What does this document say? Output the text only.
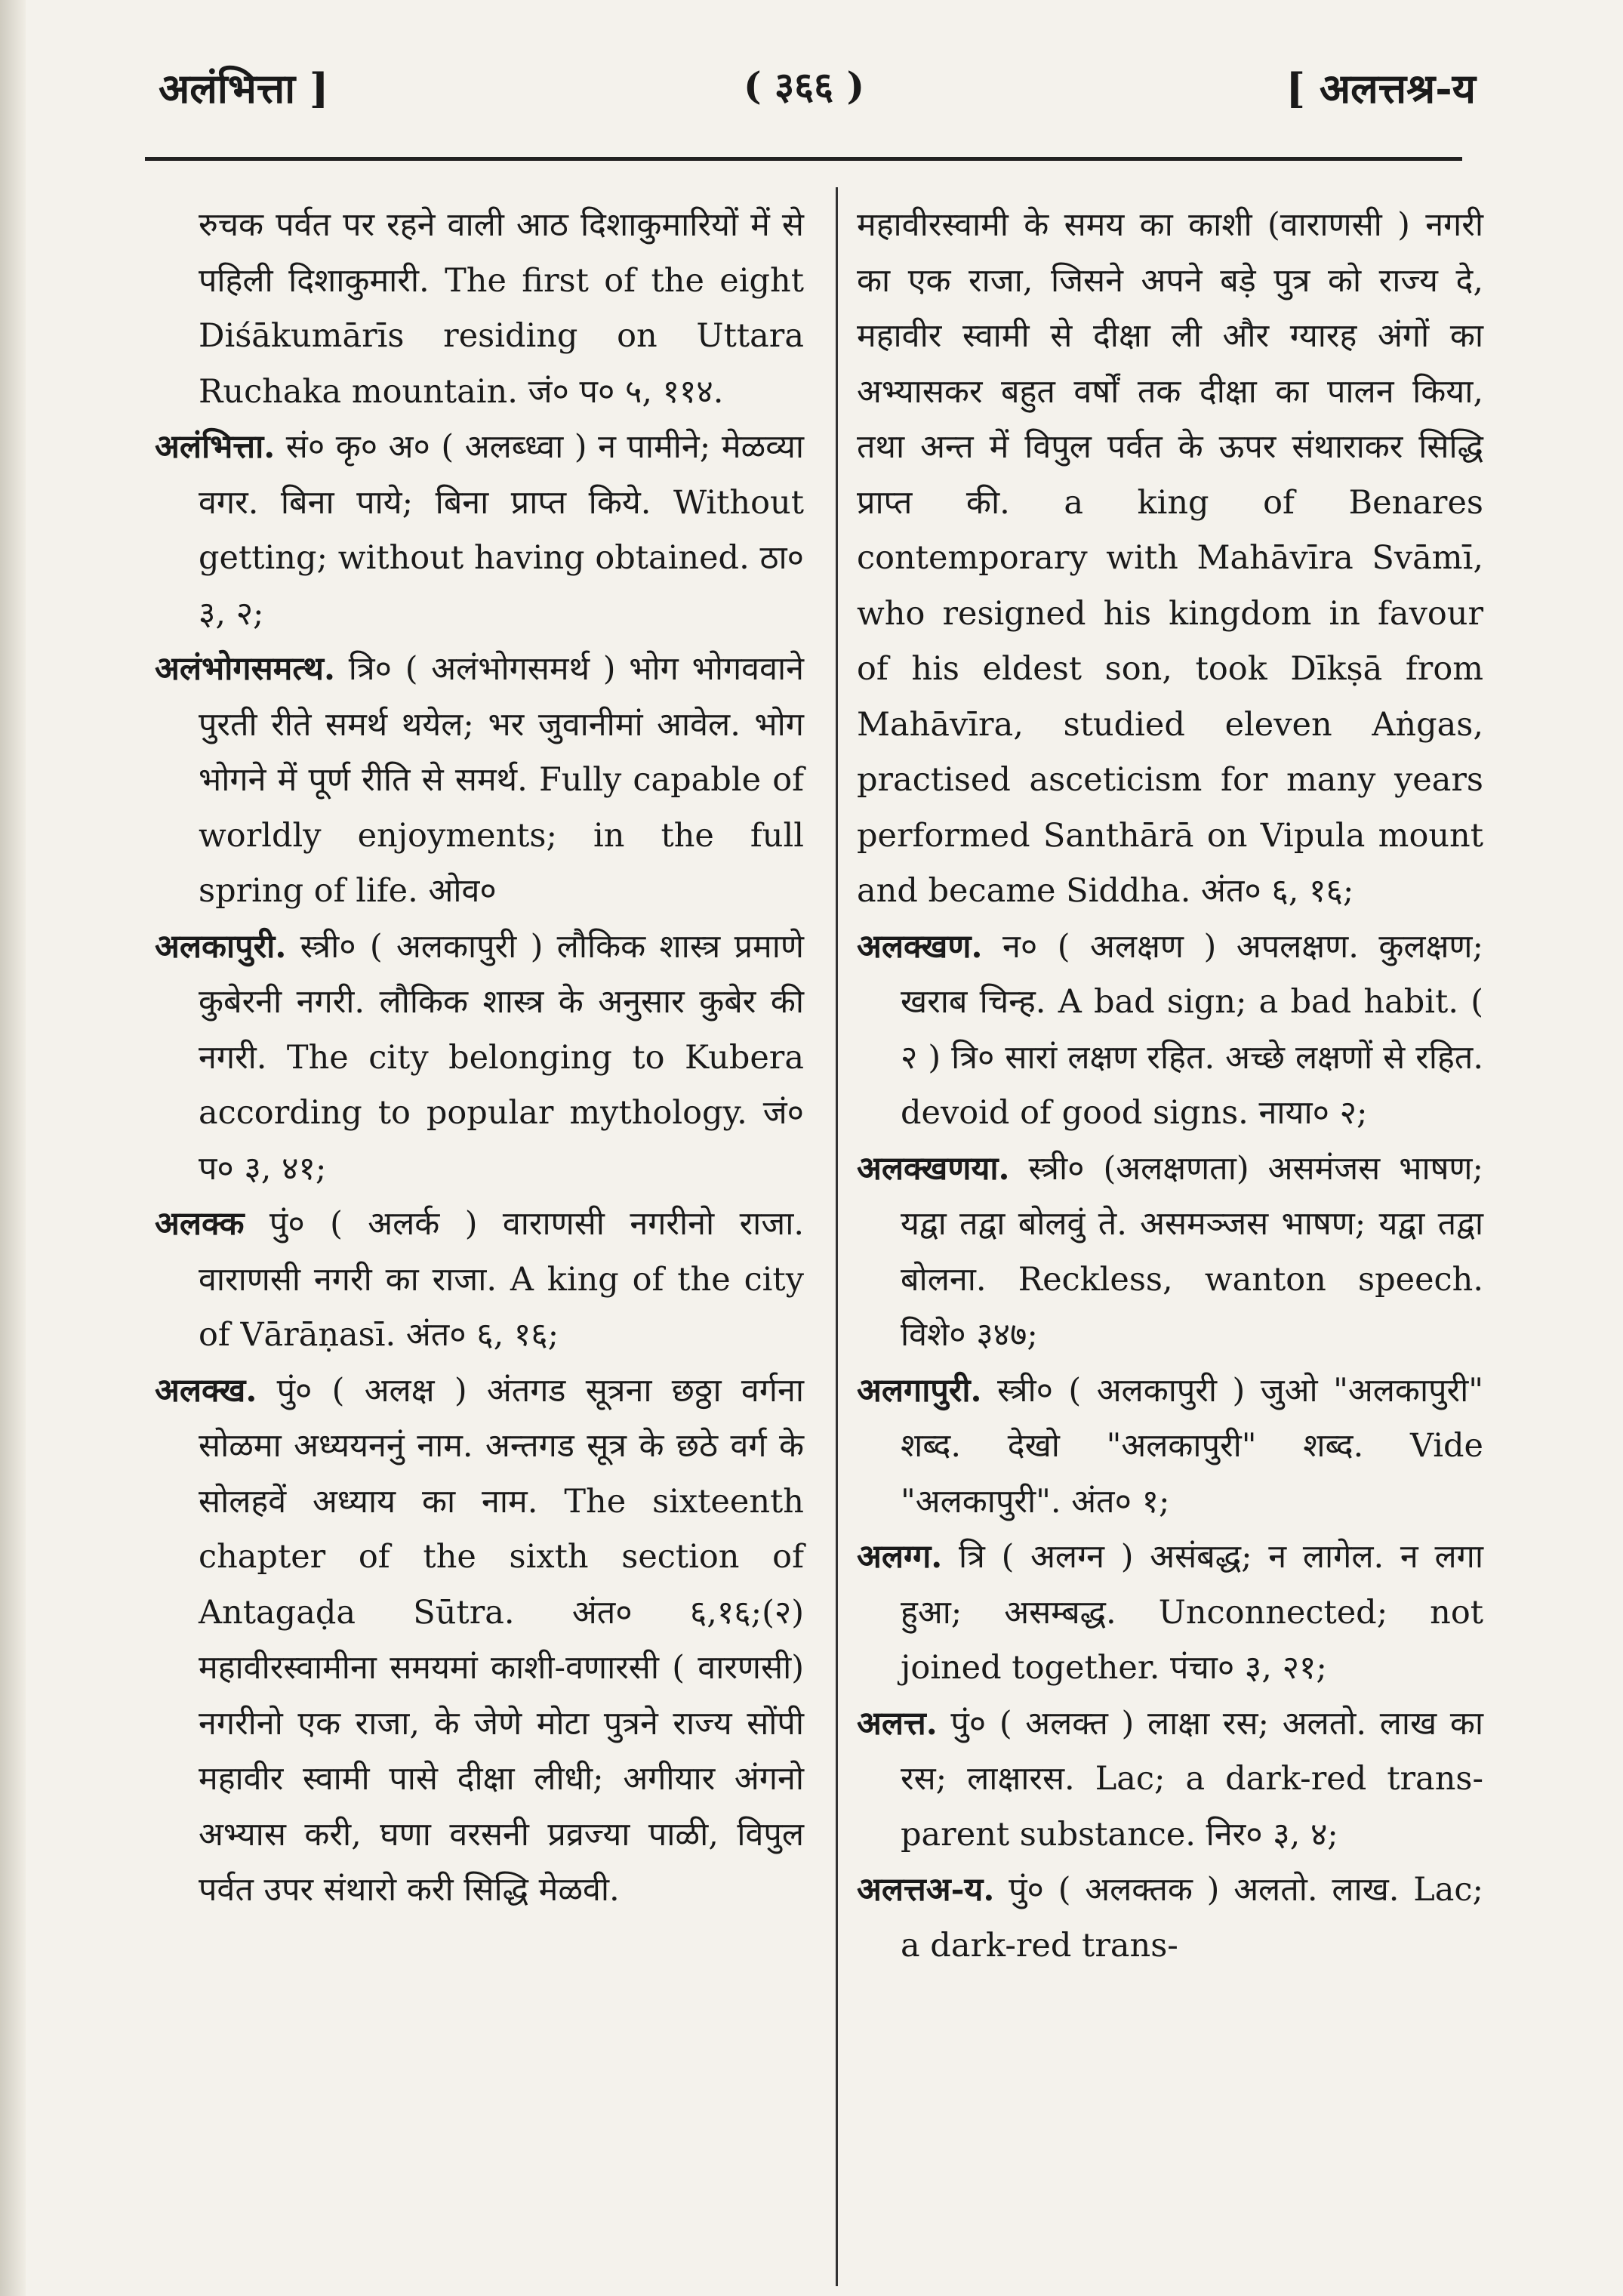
अलंभित्ता ]	( ३६६ )	[ अलत्तश्र-य

रुचक पर्वत पर रहने वाली आठ दिशाकुमारियों में से पहिली दिशाकुमारी. The first of the eight Diśākumārīs residing on Uttara Ruchaka mountain. जं० प० ५, ११४.

अलंभित्ता. सं० कृ० अ० ( अलब्ध्वा ) न पामीने; मेळव्या वगर. बिना पाये; बिना प्राप्त किये. Without getting; without having obtained. ठा० ३, २;

अलंभोगसमत्थ. त्रि० ( अलंभोगसमर्थ ) भोग भोगववाने पुरती रीते समर्थ थयेल; भर जुवानीमां आवेल. भोग भोगने में पूर्ण रीति से समर्थ. Fully capable of worldly enjoyments; in the full spring of life. ओव०

अलकापुरी. स्त्री० ( अलकापुरी ) लौकिक शास्त्र प्रमाणे कुबेरनी नगरी. लौकिक शास्त्र के अनुसार कुबेर की नगरी. The city belonging to Kubera according to popular mythology. जं० प० ३, ४१;

अलक्क पुं० ( अलर्क ) वाराणसी नगरीनो राजा. वाराणसी नगरी का राजा. A king of the city of Vārāṇasī. अंत० ६, १६;

अलक्ख. पुं० ( अलक्ष ) अंतगड सूत्रना छठ्ठा वर्गना सोळमा अध्ययननुं नाम. अन्तगड सूत्र के छठे वर्ग के सोलहवें अध्याय का नाम. The sixteenth chapter of the sixth section of Antagaḍa Sūtra. अंत० ६,१६;(२) महावीरस्वामीना समयमां काशी-वणारसी ( वारणसी) नगरीनो एक राजा, के जेणे मोटा पुत्रने राज्य सोंपी महावीर स्वामी पासे दीक्षा लीधी; अगीयार अंगनो अभ्यास करी, घणा वरसनी प्रव्रज्या पाळी, विपुल पर्वत उपर संथारो करी सिद्धि मेळवी.

महावीरस्वामी के समय का काशी (वाराणसी ) नगरी का एक राजा, जिसने अपने बड़े पुत्र को राज्य दे, महावीर स्वामी से दीक्षा ली और ग्यारह अंगों का अभ्यासकर बहुत वर्षों तक दीक्षा का पालन किया, तथा अन्त में विपुल पर्वत के ऊपर संथाराकर सिद्धि प्राप्त की. a king of Benares contemporary with Mahāvīra Svāmī, who resigned his kingdom in favour of his eldest son, took Dīkṣā from Mahāvīra, studied eleven Aṅgas, practised asceticism for many years performed Santhārā on Vipula mount and became Siddha. अंत० ६, १६;

अलक्खण. न० ( अलक्षण ) अपलक्षण. कुलक्षण; खराब चिन्ह. A bad sign; a bad habit. ( २ ) त्रि० सारां लक्षण रहित. अच्छे लक्षणों से रहित. devoid of good signs. नाया० २;

अलक्खणया. स्त्री० (अलक्षणता) असमंजस भाषण; यद्वा तद्वा बोलवुं ते. असमञ्जस भाषण; यद्वा तद्वा बोलना. Reckless, wanton speech. विशे० ३४७;

अलगापुरी. स्त्री० ( अलकापुरी ) जुओ "अलकापुरी" शब्द. देखो "अलकापुरी" शब्द. Vide "अलकापुरी". अंत० १;

अलग्ग. त्रि ( अलग्न ) असंबद्ध; न लागेल. न लगा हुआ; असम्बद्ध. Unconnected; not joined together. पंचा० ३, २१;

अलत्त. पुं० ( अलक्त ) लाक्षा रस; अलतो. लाख का रस; लाक्षारस. Lac; a dark-red trans-parent substance. निर० ३, ४;

अलत्तअ-य. पुं० ( अलक्तक ) अलतो. लाख. Lac; a dark-red trans-
